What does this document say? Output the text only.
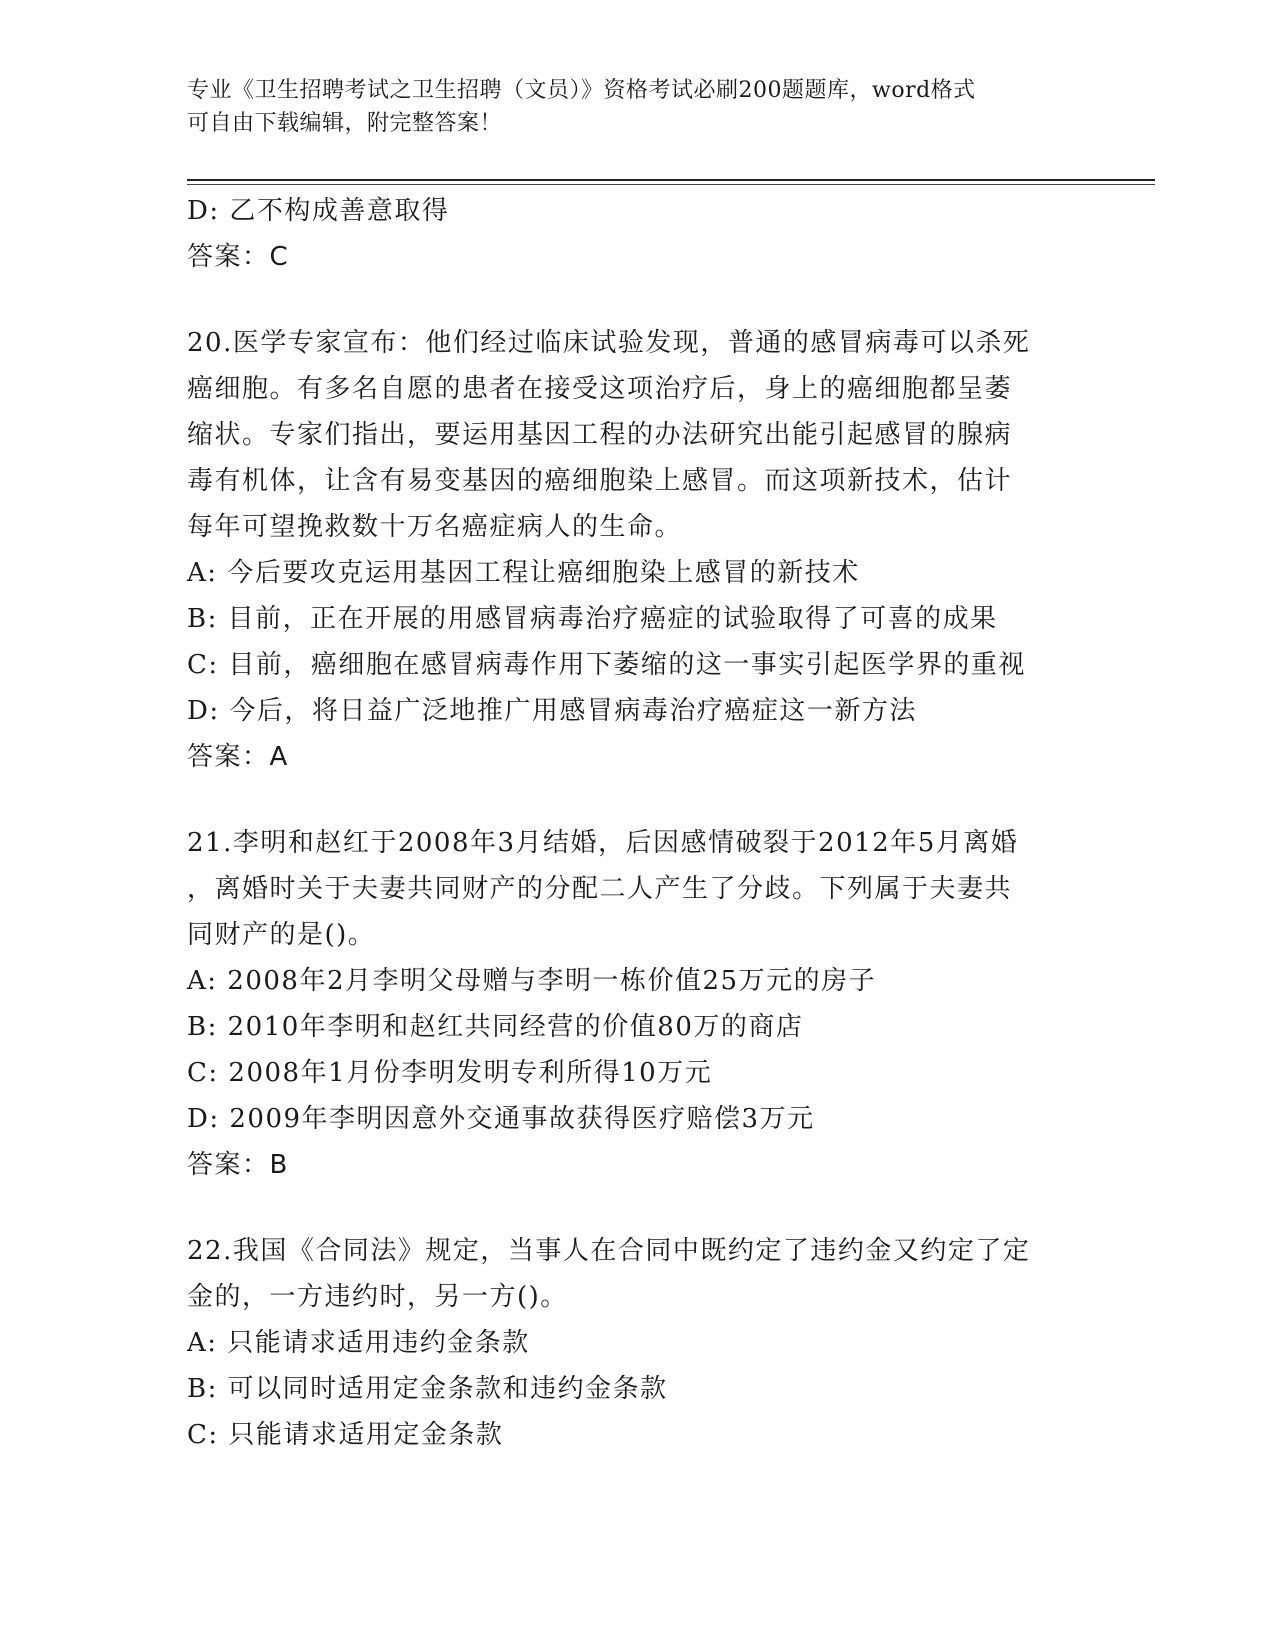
专业《卫生招聘考试之卫生招聘（文员）》资格考试必刷200题题库，word格式
可自由下载编辑，附完整答案！
D: 乙不构成善意取得
答案：C
20.医学专家宣布：他们经过临床试验发现，普通的感冒病毒可以杀死
癌细胞。有多名自愿的患者在接受这项治疗后，身上的癌细胞都呈萎
缩状。专家们指出，要运用基因工程的办法研究出能引起感冒的腺病
毒有机体，让含有易变基因的癌细胞染上感冒。而这项新技术，估计
每年可望挽救数十万名癌症病人的生命。
A: 今后要攻克运用基因工程让癌细胞染上感冒的新技术
B: 目前，正在开展的用感冒病毒治疗癌症的试验取得了可喜的成果
C: 目前，癌细胞在感冒病毒作用下萎缩的这一事实引起医学界的重视
D: 今后，将日益广泛地推广用感冒病毒治疗癌症这一新方法
答案：A
21.李明和赵红于2008年3月结婚，后因感情破裂于2012年5月离婚
，离婚时关于夫妻共同财产的分配二人产生了分歧。下列属于夫妻共
同财产的是()。
A: 2008年2月李明父母赠与李明一栋价值25万元的房子
B: 2010年李明和赵红共同经营的价值80万的商店
C: 2008年1月份李明发明专利所得10万元
D: 2009年李明因意外交通事故获得医疗赔偿3万元
答案：B
22.我国《合同法》规定，当事人在合同中既约定了违约金又约定了定
金的，一方违约时，另一方()。
A: 只能请求适用违约金条款
B: 可以同时适用定金条款和违约金条款
C: 只能请求适用定金条款
